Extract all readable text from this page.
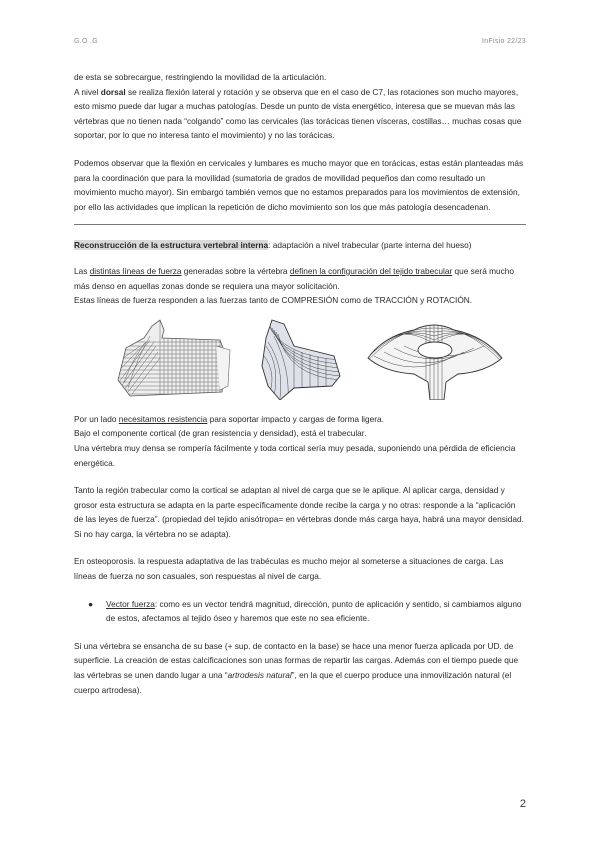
G.O .G	InFisio 22/23

de esta se sobrecargue, restringiendo la movilidad de la articulación.
A nivel dorsal se realiza flexión lateral y rotación y se observa que en el caso de C7, las rotaciones son mucho mayores, esto mismo puede dar lugar a muchas patologías. Desde un punto de vista energético, interesa que se muevan más las vértebras que no tienen nada “colgando” como las cervicales (las torácicas tienen vísceras, costillas… muchas cosas que soportar, por lo que no interesa tanto el movimiento) y no las torácicas.

Podemos observar que la flexión en cervicales y lumbares es mucho mayor que en torácicas, estas están planteadas más para la coordinación que para la movilidad (sumatoria de grados de movilidad pequeños dan como resultado un movimiento mucho mayor). Sin embargo también vemos que no estamos preparados para los movimientos de extensión, por ello las actividades que implican la repetición de dicho movimiento son los que más patología desencadenan.

Reconstrucción de la estructura vertebral interna: adaptación a nivel trabecular (parte interna del hueso)

Las distintas líneas de fuerza generadas sobre la vértebra definen la configuración del tejido trabecular que será mucho más denso en aquellas zonas donde se requiera una mayor solicitación.
Estas líneas de fuerza responden a las fuerzas tanto de COMPRESIÓN como de TRACCIÓN y ROTACIÓN.

Por un lado necesitamos resistencia para soportar impacto y cargas de forma ligera.
Bajo el componente cortical (de gran resistencia y densidad), está el trabecular.
Una vértebra muy densa se rompería fácilmente y toda cortical sería muy pesada, suponiendo una pérdida de eficiencia energética.

Tanto la región trabecular como la cortical se adaptan al nivel de carga que se le aplique. Al aplicar carga, densidad y grosor esta estructura se adapta en la parte específicamente donde recibe la carga y no otras: responde a la “aplicación de las leyes de fuerza”. (propiedad del tejido anisótropa= en vértebras donde más carga haya, habrá una mayor densidad. Si no hay carga, la vértebra no se adapta).

En osteoporosis. la respuesta adaptativa de las trabéculas es mucho mejor al someterse a situaciones de carga. Las líneas de fuerza no son casuales, son respuestas al nivel de carga.

●	Vector fuerza: como es un vector tendrá magnitud, dirección, punto de aplicación y sentido, si cambiamos alguno de estos, afectamos al tejido óseo y haremos que este no sea eficiente.

Si una vértebra se ensancha de su base (+ sup. de contacto en la base) se hace una menor fuerza aplicada por UD. de superficie. La creación de estas calcificaciones son unas formas de repartir las cargas. Además con el tiempo puede que las vértebras se unen dando lugar a una “artrodesis natural”, en la que el cuerpo produce una inmovilización natural (el cuerpo artrodesa).

2
